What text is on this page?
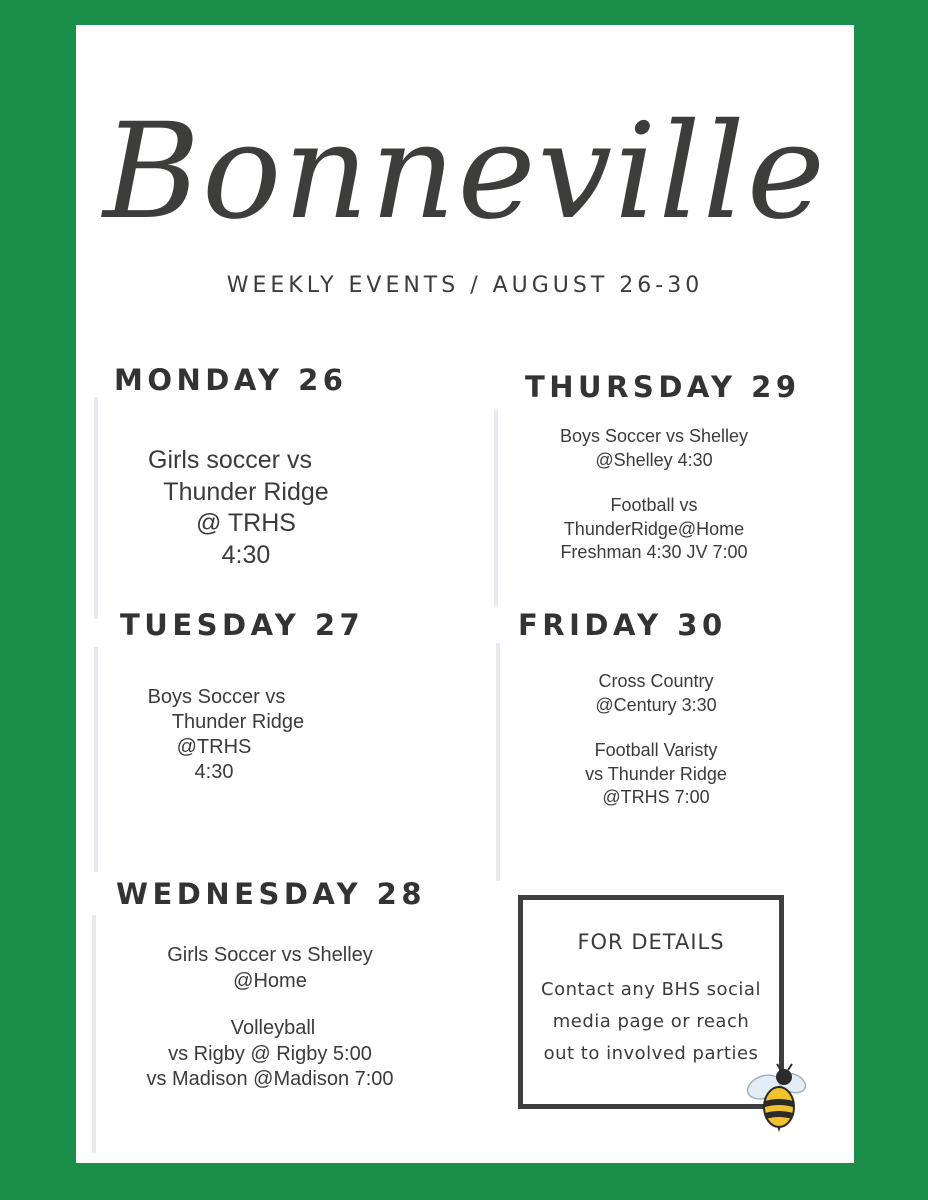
Bonneville
WEEKLY EVENTS / AUGUST 26-30
MONDAY 26
Girls soccer vs
Thunder Ridge
@ TRHS
4:30
TUESDAY 27
Boys Soccer vs
Thunder Ridge
@TRHS
4:30
WEDNESDAY 28
Girls Soccer vs Shelley
@Home
Volleyball
vs Rigby @ Rigby 5:00
vs Madison @Madison 7:00
THURSDAY 29
Boys Soccer vs Shelley
@Shelley 4:30
Football vs
ThunderRidge@Home
Freshman 4:30 JV 7:00
FRIDAY 30
Cross Country
@Century 3:30
Football Varisty
vs Thunder Ridge
@TRHS 7:00
FOR DETAILS
Contact any BHS social
media page or reach
out to involved parties
